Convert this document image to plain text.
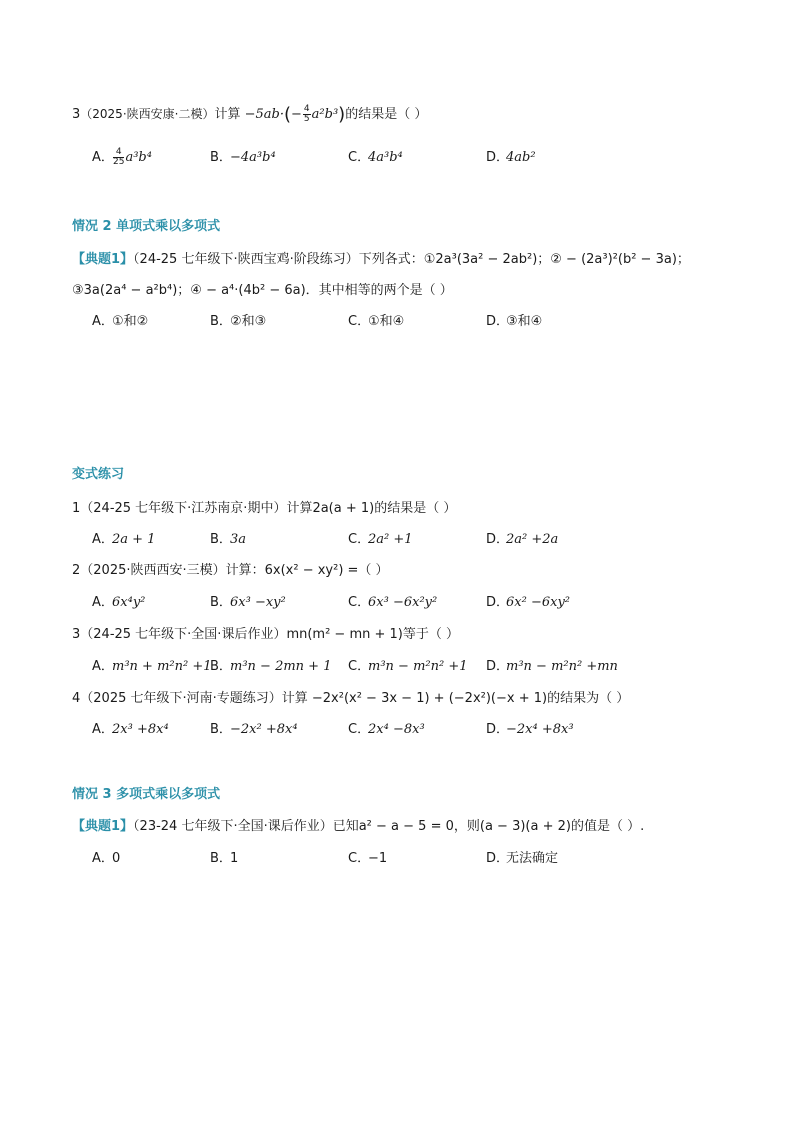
3（2025·陕西安康·二模）计算 $-5ab\cdot(- \frac{4}{5} a^2b^3)$的结果是（ ）
A． $\frac{4}{25} a^3b^4$	B．−4a³b⁴	C．4a³b⁴	D．4ab²
情况 2 单项式乘以多项式
【典题1】（24-25 七年级下·陕西宝鸡·阶段练习）下列各式：①2a³(3a² − 2ab²)；② − (2a³)²(b² − 3a)；
③3a(2a⁴ − a²b⁴)；④ − a⁴·(4b² − 6a)．其中相等的两个是（ ）
A．①和②	B．②和③	C．①和④	D．③和④
变式练习
1（24-25 七年级下·江苏南京·期中）计算2a(a + 1)的结果是（ ）
A．2a + 1	B．3a	C．2a² +1	D．2a² +2a
2（2025·陕西西安·三模）计算：6x(x² − xy²) =（ ）
A．6x⁴y²	B．6x³ −xy²	C．6x³ −6x²y²	D．6x² −6xy²
3（24-25 七年级下·全国·课后作业）mn(m² − mn + 1)等于（ ）
A．m³n + m²n² +1
B．m³n − 2mn + 1 C．m³n − m²n² +1 D．m³n − m²n² +mn
4（2025 七年级下·河南·专题练习）计算 −2x²(x² − 3x − 1) + (−2x²)(−x + 1)的结果为（ ）
A．2x³ +8x⁴	B．−2x² +8x⁴	C．2x⁴ −8x³	D．−2x⁴ +8x³
情况 3 多项式乘以多项式
【典题1】（23-24 七年级下·全国·课后作业）已知a² − a − 5 = 0，则(a − 3)(a + 2)的值是（ ）.
A．0	B．1	C．−1	D．无法确定
